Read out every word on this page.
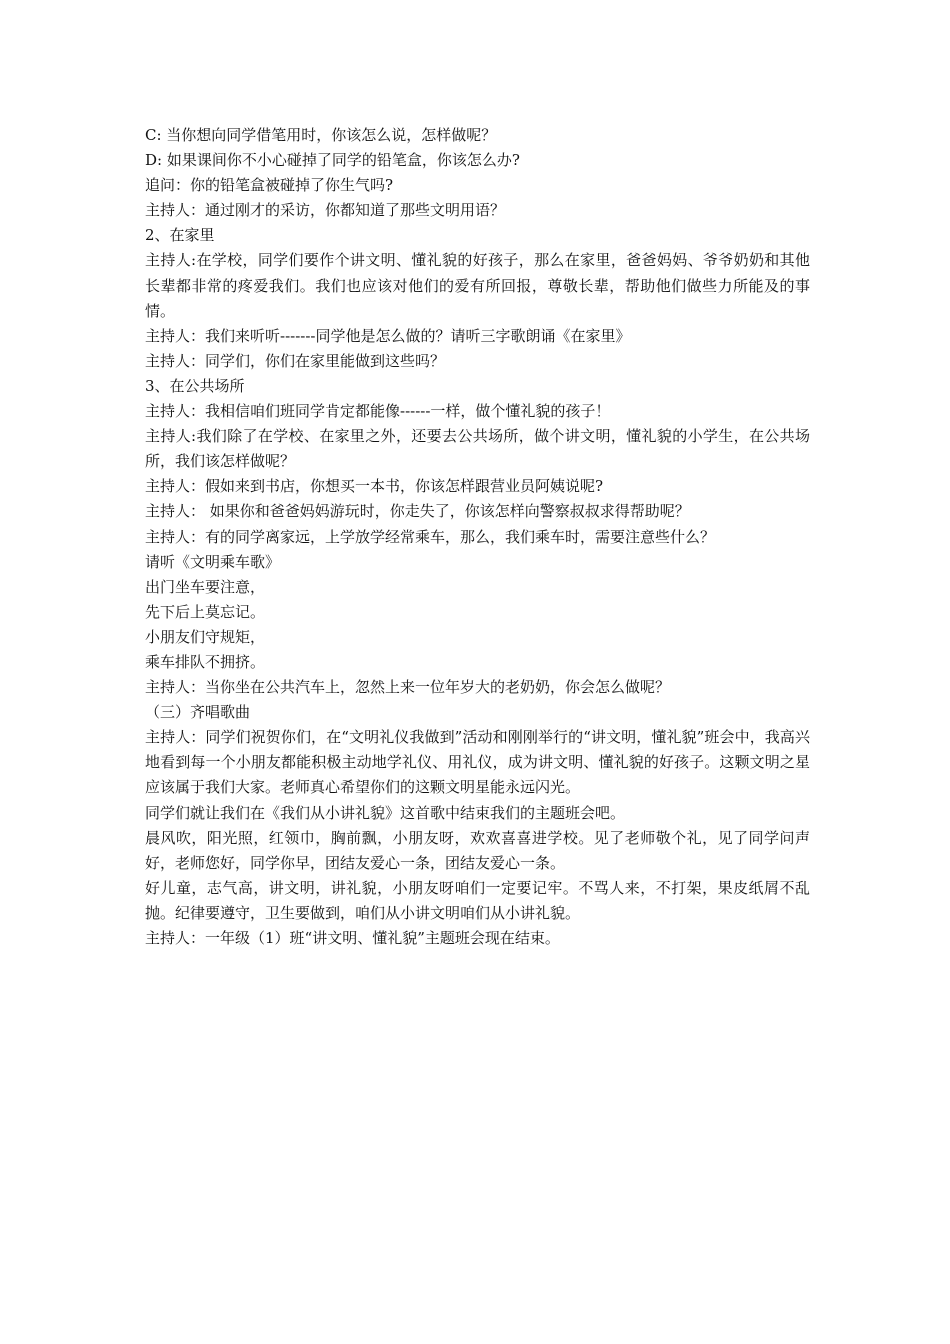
C: 当你想向同学借笔用时，你该怎么说，怎样做呢？

D: 如果课间你不小心碰掉了同学的铅笔盒，你该怎么办?

追问：你的铅笔盒被碰掉了你生气吗?

主持人：通过刚才的采访，你都知道了那些文明用语？

2、在家里

主持人:在学校，同学们要作个讲文明、懂礼貌的好孩子，那么在家里，爸爸妈妈、爷爷奶奶和其他长辈都非常的疼爱我们。我们也应该对他们的爱有所回报，尊敬长辈，帮助他们做些力所能及的事情。

主持人：我们来听听-------同学他是怎么做的？请听三字歌朗诵《在家里》

主持人：同学们，你们在家里能做到这些吗？

3、在公共场所

主持人：我相信咱们班同学肯定都能像------一样，做个懂礼貌的孩子！

主持人:我们除了在学校、在家里之外，还要去公共场所，做个讲文明，懂礼貌的小学生，在公共场所，我们该怎样做呢？

主持人：假如来到书店，你想买一本书，你该怎样跟营业员阿姨说呢?

主持人： 如果你和爸爸妈妈游玩时，你走失了，你该怎样向警察叔叔求得帮助呢？

主持人：有的同学离家远，上学放学经常乘车，那么，我们乘车时，需要注意些什么？

请听《文明乘车歌》

出门坐车要注意，

先下后上莫忘记。

小朋友们守规矩，

乘车排队不拥挤。

主持人：当你坐在公共汽车上，忽然上来一位年岁大的老奶奶，你会怎么做呢？

（三）齐唱歌曲

主持人：同学们祝贺你们，在“文明礼仪我做到”活动和刚刚举行的“讲文明，懂礼貌”班会中，我高兴地看到每一个小朋友都能积极主动地学礼仪、用礼仪，成为讲文明、懂礼貌的好孩子。这颗文明之星应该属于我们大家。老师真心希望你们的这颗文明星能永远闪光。

同学们就让我们在《我们从小讲礼貌》这首歌中结束我们的主题班会吧。

晨风吹，阳光照，红领巾，胸前飘，小朋友呀，欢欢喜喜进学校。见了老师敬个礼，见了同学问声好，老师您好，同学你早，团结友爱心一条，团结友爱心一条。

好儿童，志气高，讲文明，讲礼貌，小朋友呀咱们一定要记牢。不骂人来，不打架，果皮纸屑不乱抛。纪律要遵守，卫生要做到，咱们从小讲文明咱们从小讲礼貌。

主持人：一年级（1）班“讲文明、懂礼貌”主题班会现在结束。
